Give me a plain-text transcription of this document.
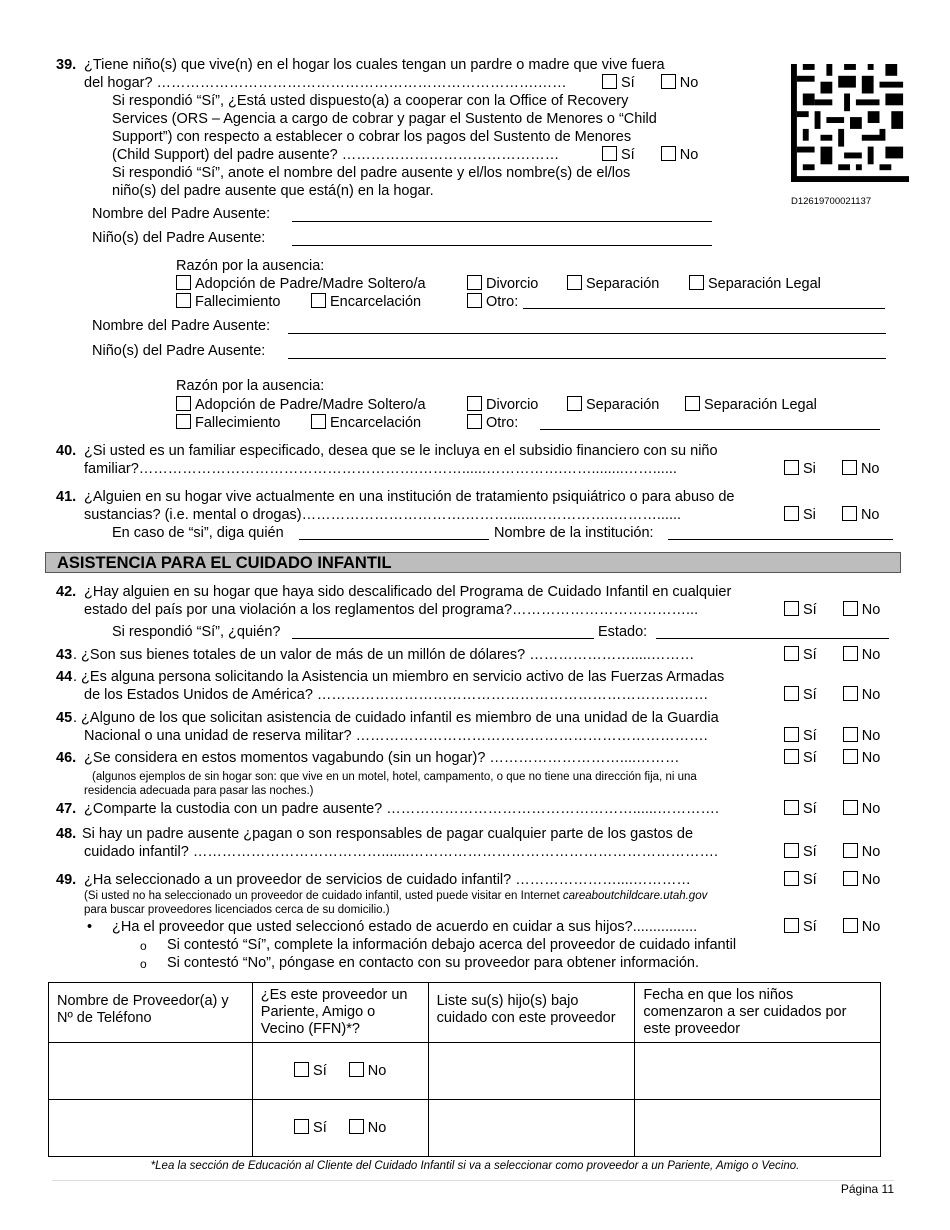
D12619700021137
39. ¿Tiene niño(s) que vive(n) en el hogar los cuales tengan un pardre o madre que vive fuera
del hogar? …………………………………………………………………….……	Sí	No
Si respondió “Sí”, ¿Está usted dispuesto(a) a cooperar con la Office of Recovery
Services (ORS – Agencia a cargo de cobrar y pagar el Sustento de Menores o “Child
Support”) con respecto a establecer o cobrar los pagos del Sustento de Menores
(Child Support) del padre ausente? ………………………………………	Sí	No
Si respondió “Sí”, anote el nombre del padre ausente y el/los nombre(s) de el/los
niño(s) del padre ausente que está(n) en la hogar.
Nombre del Padre Ausente:
Niño(s) del Padre Ausente:
Razón por la ausencia:
Adopción de Padre/Madre Soltero/a	Divorcio	Separación	Separación Legal
Fallecimiento	Encarcelación	Otro:
Nombre del Padre Ausente:
Niño(s) del Padre Ausente:
Razón por la ausencia:
Adopción de Padre/Madre Soltero/a	Divorcio	Separación	Separación Legal
Fallecimiento	Encarcelación	Otro:
40. ¿Si usted es un familiar especificado, desea que se le incluya en el subsidio financiero con su niño
familiar?………………………………………………….………......…………….……........……......	Si	No
41. ¿Alguien en su hogar vive actualmente en una institución de tratamiento psiquiátrico o para abuso de
sustancias? (i.e. mental o drogas)…………………………….………......……………..………......	Si	No
En caso de “si”, diga quién	Nombre de la institución:
ASISTENCIA PARA EL CUIDADO INFANTIL
42. ¿Hay alguien en su hogar que haya sido descalificado del Programa de Cuidado Infantil en cualquier
estado del país por una violación a los reglamentos del programa?………………………………...	Sí	No
Si respondió “Sí”, ¿quién?	Estado:
43 . ¿Son sus bienes totales de un valor de más de un millón de dólares? ………………….....………	Sí	No
44 . ¿Es alguna persona solicitando la Asistencia un miembro en servicio activo de las Fuerzas Armadas
de los Estados Unidos de América? ………………………………………………………………………	Sí	No
45 . ¿Alguno de los que solicitan asistencia de cuidado infantil es miembro de una unidad de la Guardia
Nacional o una unidad de reserva militar? ……………………………………………………………….	Sí	No
46. ¿Se considera en estos momentos vagabundo (sin un hogar)? ………………………....………	Sí	No
(algunos ejemplos de sin hogar son: que vive en un motel, hotel, campamento, o que no tiene una dirección fija, ni una
residencia adecuada para pasar las noches.)
47. ¿Comparte la custodia con un padre ausente? ……………………………………………......………….	Sí	No
48. Si hay un padre ausente ¿pagan o son responsables de pagar cualquier parte de los gastos de
cuidado infantil? ………………………………….......……………………………………………………….	Sí	No
49. ¿Ha seleccionado a un proveedor de servicios de cuidado infantil? …………………....…………	Sí	No
(Si usted no ha seleccionado un proveedor de cuidado infantil, usted puede visitar en Internet careaboutchildcare.utah.gov
para buscar proveedores licenciados cerca de su domicilio.)
• ¿Ha el proveedor que usted seleccionó estado de acuerdo en cuidar a sus hijos?................	Sí	No
o Si contestó “Sí”, complete la información debajo acerca del proveedor de cuidado infantil
o Si contestó “No”, póngase en contacto con su proveedor para obtener información.
Nombre de Proveedor(a) y Nº de Teléfono	¿Es este proveedor un Pariente, Amigo o Vecino (FFN)*?	Liste su(s) hijo(s) bajo cuidado con este proveedor	Fecha en que los niños comenzaron a ser cuidados por este proveedor
	Sí No		
	Sí No		
*Lea la sección de Educación al Cliente del Cuidado Infantil si va a seleccionar como proveedor a un Pariente, Amigo o Vecino.
Página 11
